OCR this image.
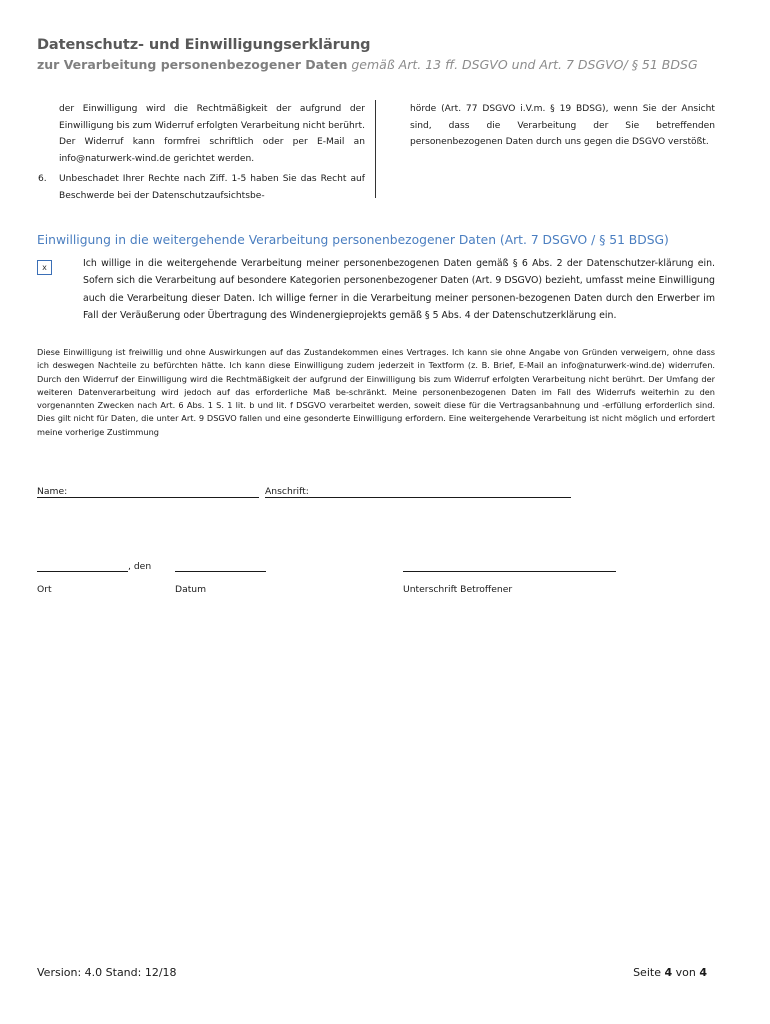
Datenschutz- und Einwilligungserklärung
zur Verarbeitung personenbezogener Daten gemäß Art. 13 ff. DSGVO und Art. 7 DSGVO/ § 51 BDSG
der Einwilligung wird die Rechtmäßigkeit der aufgrund der Einwilligung bis zum Widerruf erfolgten Verarbeitung nicht berührt. Der Widerruf kann formfrei schriftlich oder per E-Mail an info@naturwerk-wind.de gerichtet werden.
6. Unbeschadet Ihrer Rechte nach Ziff. 1-5 haben Sie das Recht auf Beschwerde bei der Datenschutzaufsichtsbe-
hörde (Art. 77 DSGVO i.V.m. § 19 BDSG), wenn Sie der Ansicht sind, dass die Verarbeitung der Sie betreffenden personenbezogenen Daten durch uns gegen die DSGVO verstößt.
Einwilligung in die weitergehende Verarbeitung personenbezogener Daten (Art. 7 DSGVO / § 51 BDSG)
x	Ich willige in die weitergehende Verarbeitung meiner personenbezogenen Daten gemäß § 6 Abs. 2 der Datenschutzer-klärung ein. Sofern sich die Verarbeitung auf besondere Kategorien personenbezogener Daten (Art. 9 DSGVO) bezieht, umfasst meine Einwilligung auch die Verarbeitung dieser Daten. Ich willige ferner in die Verarbeitung meiner personen-bezogenen Daten durch den Erwerber im Fall der Veräußerung oder Übertragung des Windenergieprojekts gemäß § 5 Abs. 4 der Datenschutzerklärung ein.
Diese Einwilligung ist freiwillig und ohne Auswirkungen auf das Zustandekommen eines Vertrages. Ich kann sie ohne Angabe von Gründen verweigern, ohne dass ich deswegen Nachteile zu befürchten hätte. Ich kann diese Einwilligung zudem jederzeit in Textform (z. B. Brief, E-Mail an info@naturwerk-wind.de) widerrufen. Durch den Widerruf der Einwilligung wird die Rechtmäßigkeit der aufgrund der Einwilligung bis zum Widerruf erfolgten Verarbeitung nicht berührt. Der Umfang der weiteren Datenverarbeitung wird jedoch auf das erforderliche Maß be-schränkt. Meine personenbezogenen Daten im Fall des Widerrufs weiterhin zu den vorgenannten Zwecken nach Art. 6 Abs. 1 S. 1 lit. b und lit. f DSGVO verarbeitet werden, soweit diese für die Vertragsanbahnung und -erfüllung erforderlich sind. Dies gilt nicht für Daten, die unter Art. 9 DSGVO fallen und eine gesonderte Einwilligung erfordern. Eine weitergehende Verarbeitung ist nicht möglich und erfordert meine vorherige Zustimmung
Name:	Anschrift:
, den
Ort	Datum	Unterschrift Betroffener
Version: 4.0 Stand: 12/18	Seite 4 von 4
